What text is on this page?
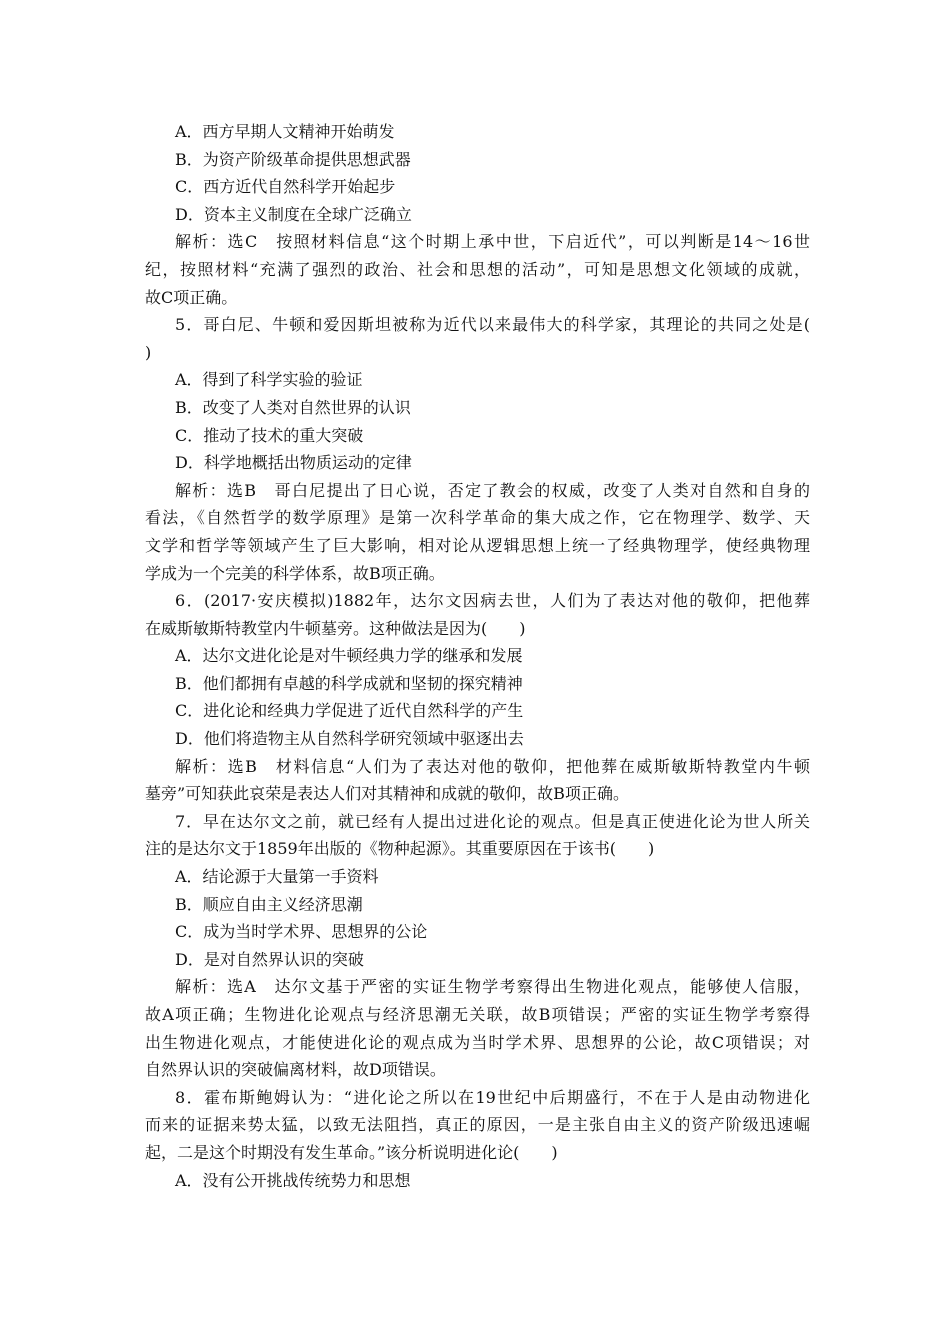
A．西方早期人文精神开始萌发
B．为资产阶级革命提供思想武器
C．西方近代自然科学开始起步
D．资本主义制度在全球广泛确立
解析：选C　按照材料信息“这个时期上承中世，下启近代”，可以判断是14～16世
纪，按照材料“充满了强烈的政治、社会和思想的活动”，可知是思想文化领域的成就，
故C项正确。
5．哥白尼、牛顿和爱因斯坦被称为近代以来最伟大的科学家，其理论的共同之处是(
)
A．得到了科学实验的验证
B．改变了人类对自然世界的认识
C．推动了技术的重大突破
D．科学地概括出物质运动的定律
解析：选B　哥白尼提出了日心说，否定了教会的权威，改变了人类对自然和自身的
看法，《自然哲学的数学原理》是第一次科学革命的集大成之作，它在物理学、数学、天
文学和哲学等领域产生了巨大影响，相对论从逻辑思想上统一了经典物理学，使经典物理
学成为一个完美的科学体系，故B项正确。
6．(2017·安庆模拟)1882年，达尔文因病去世，人们为了表达对他的敬仰，把他葬
在威斯敏斯特教堂内牛顿墓旁。这种做法是因为(　　)
A．达尔文进化论是对牛顿经典力学的继承和发展
B．他们都拥有卓越的科学成就和坚韧的探究精神
C．进化论和经典力学促进了近代自然科学的产生
D．他们将造物主从自然科学研究领域中驱逐出去
解析：选B　材料信息“人们为了表达对他的敬仰，把他葬在威斯敏斯特教堂内牛顿
墓旁”可知获此哀荣是表达人们对其精神和成就的敬仰，故B项正确。
7．早在达尔文之前，就已经有人提出过进化论的观点。但是真正使进化论为世人所关
注的是达尔文于1859年出版的《物种起源》。其重要原因在于该书(　　)
A．结论源于大量第一手资料
B．顺应自由主义经济思潮
C．成为当时学术界、思想界的公论
D．是对自然界认识的突破
解析：选A　达尔文基于严密的实证生物学考察得出生物进化观点，能够使人信服，
故A项正确；生物进化论观点与经济思潮无关联，故B项错误；严密的实证生物学考察得
出生物进化观点，才能使进化论的观点成为当时学术界、思想界的公论，故C项错误；对
自然界认识的突破偏离材料，故D项错误。
8．霍布斯鲍姆认为：“进化论之所以在19世纪中后期盛行，不在于人是由动物进化
而来的证据来势太猛，以致无法阻挡，真正的原因，一是主张自由主义的资产阶级迅速崛
起，二是这个时期没有发生革命。”该分析说明进化论(　　)
A．没有公开挑战传统势力和思想
